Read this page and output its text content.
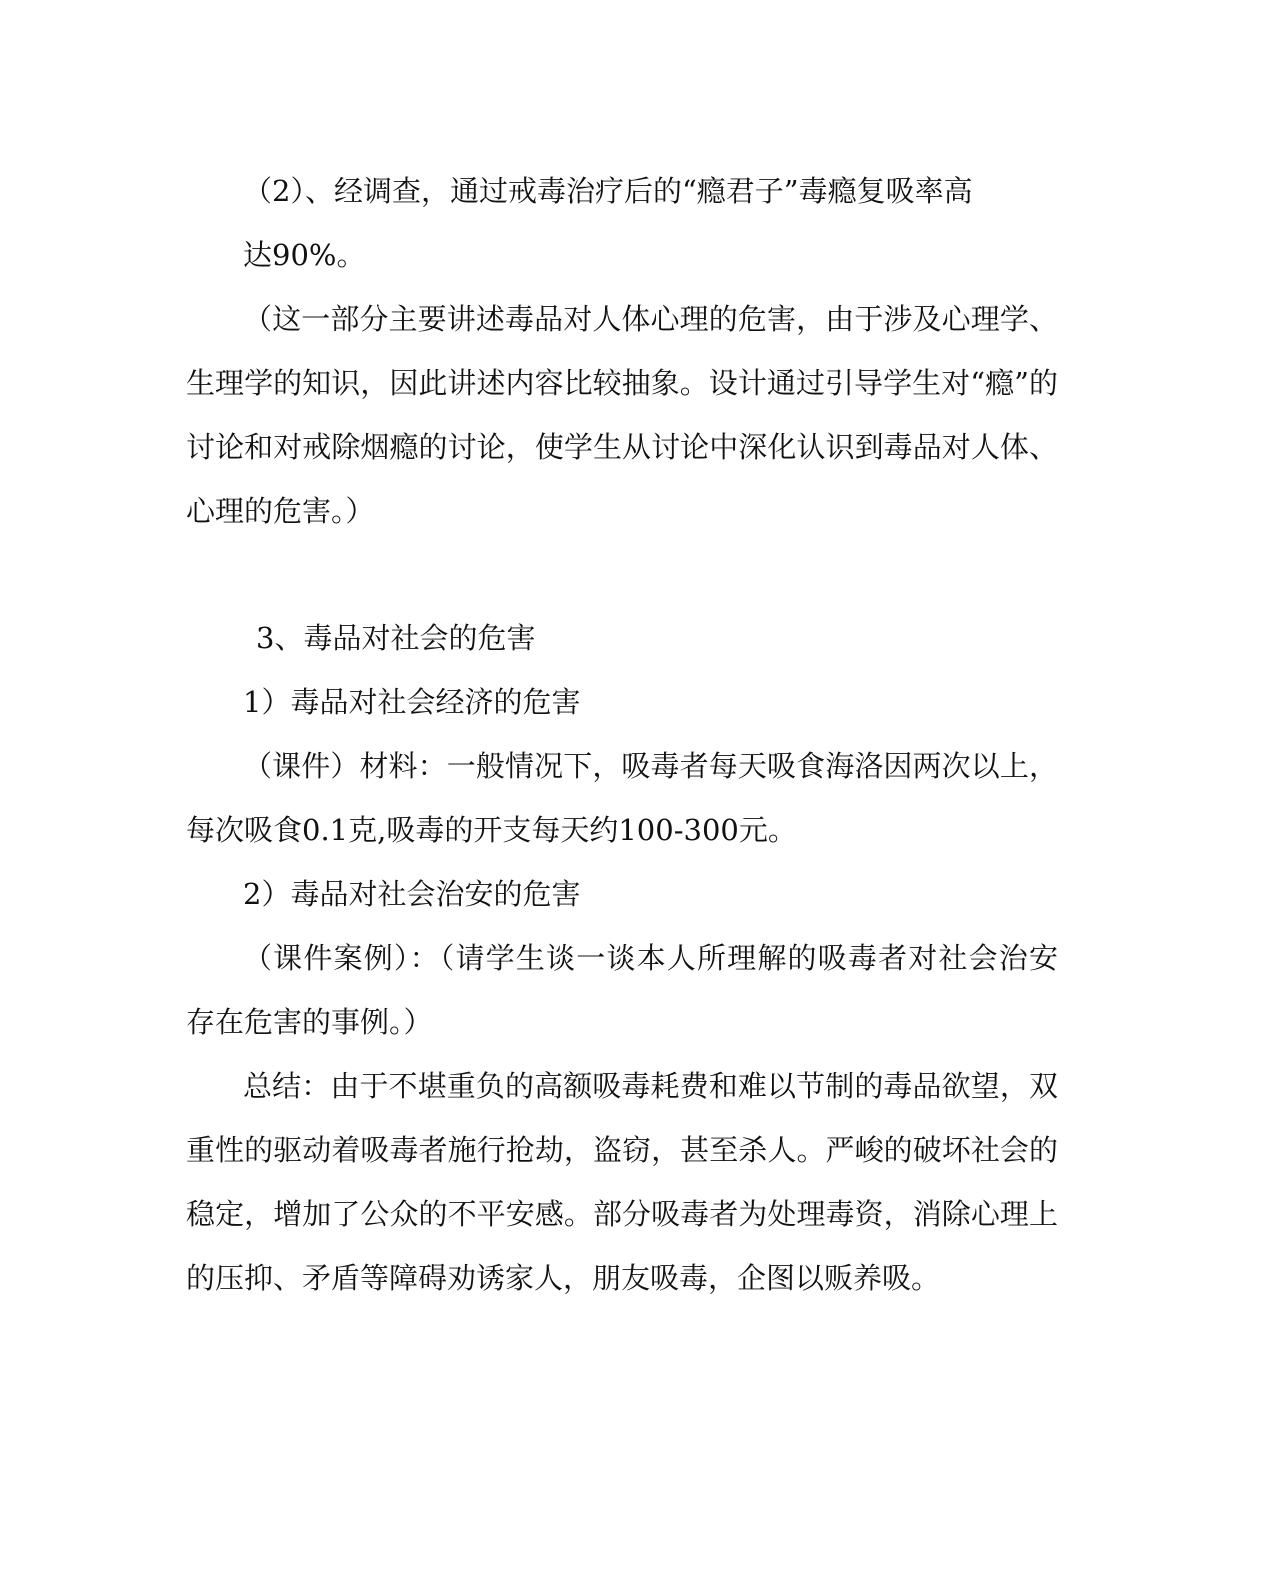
（2）、经调查，通过戒毒治疗后的“瘾君子”毒瘾复吸率高

达90%。

（这一部分主要讲述毒品对人体心理的危害，由于涉及心理学、

生理学的知识，因此讲述内容比较抽象。设计通过引导学生对“瘾”的

讨论和对戒除烟瘾的讨论，使学生从讨论中深化认识到毒品对人体、

心理的危害。）

3、毒品对社会的危害

1）毒品对社会经济的危害

（课件）材料：一般情况下，吸毒者每天吸食海洛因两次以上，

每次吸食0.1克,吸毒的开支每天约100-300元。

2）毒品对社会治安的危害

（课件案例）：（请学生谈一谈本人所理解的吸毒者对社会治安

存在危害的事例。）

总结：由于不堪重负的高额吸毒耗费和难以节制的毒品欲望，双

重性的驱动着吸毒者施行抢劫，盗窃，甚至杀人。严峻的破坏社会的

稳定，增加了公众的不平安感。部分吸毒者为处理毒资，消除心理上

的压抑、矛盾等障碍劝诱家人，朋友吸毒，企图以贩养吸。
